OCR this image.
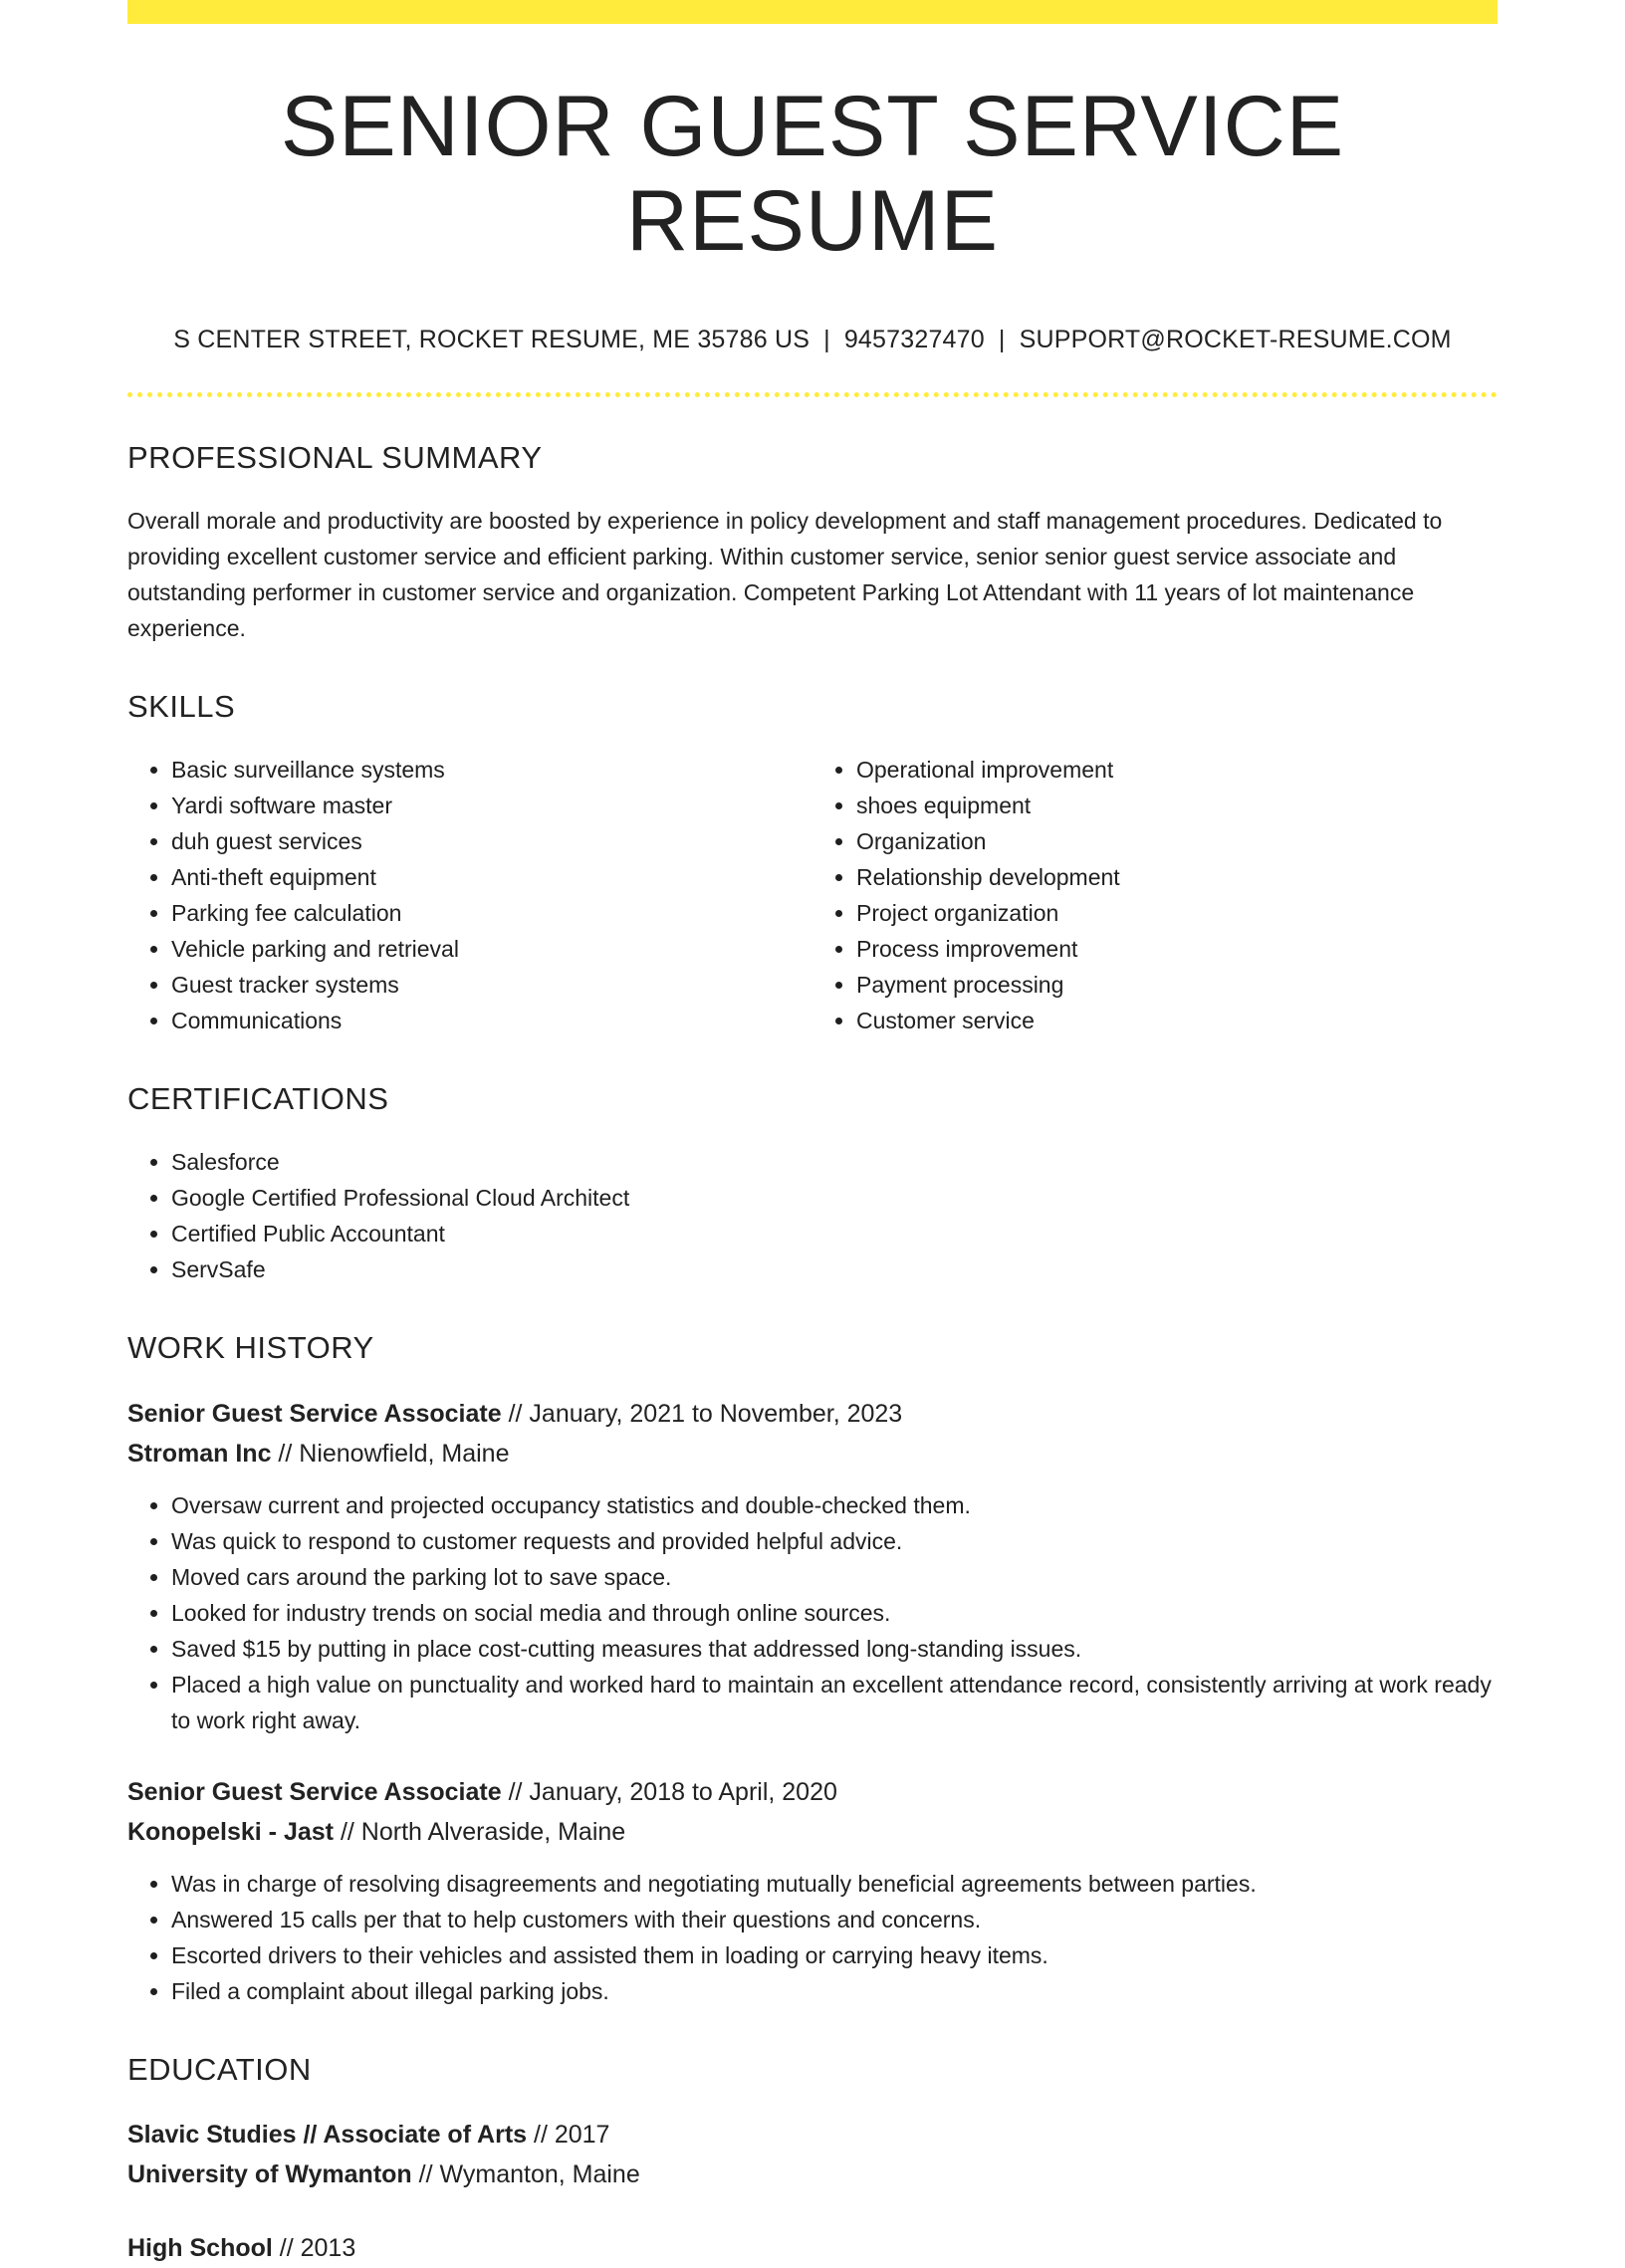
SENIOR GUEST SERVICE RESUME
S CENTER STREET, ROCKET RESUME, ME 35786 US | 9457327470 | SUPPORT@ROCKET-RESUME.COM
PROFESSIONAL SUMMARY

Overall morale and productivity are boosted by experience in policy development and staff management procedures. Dedicated to providing excellent customer service and efficient parking. Within customer service, senior senior guest service associate and outstanding performer in customer service and organization. Competent Parking Lot Attendant with 11 years of lot maintenance experience.

SKILLS
• Basic surveillance systems
• Yardi software master
• duh guest services
• Anti-theft equipment
• Parking fee calculation
• Vehicle parking and retrieval
• Guest tracker systems
• Communications
• Operational improvement
• shoes equipment
• Organization
• Relationship development
• Project organization
• Process improvement
• Payment processing
• Customer service
CERTIFICATIONS
• Salesforce
• Google Certified Professional Cloud Architect
• Certified Public Accountant
• ServSafe
WORK HISTORY
Senior Guest Service Associate // January, 2021 to November, 2023
Stroman Inc // Nienowfield, Maine
• Oversaw current and projected occupancy statistics and double-checked them.
• Was quick to respond to customer requests and provided helpful advice.
• Moved cars around the parking lot to save space.
• Looked for industry trends on social media and through online sources.
• Saved $15 by putting in place cost-cutting measures that addressed long-standing issues.
• Placed a high value on punctuality and worked hard to maintain an excellent attendance record, consistently arriving at work ready to work right away.
Senior Guest Service Associate // January, 2018 to April, 2020
Konopelski - Jast // North Alveraside, Maine
• Was in charge of resolving disagreements and negotiating mutually beneficial agreements between parties.
• Answered 15 calls per that to help customers with their questions and concerns.
• Escorted drivers to their vehicles and assisted them in loading or carrying heavy items.
• Filed a complaint about illegal parking jobs.
EDUCATION
Slavic Studies // Associate of Arts // 2017
University of Wymanton // Wymanton, Maine
High School // 2013
